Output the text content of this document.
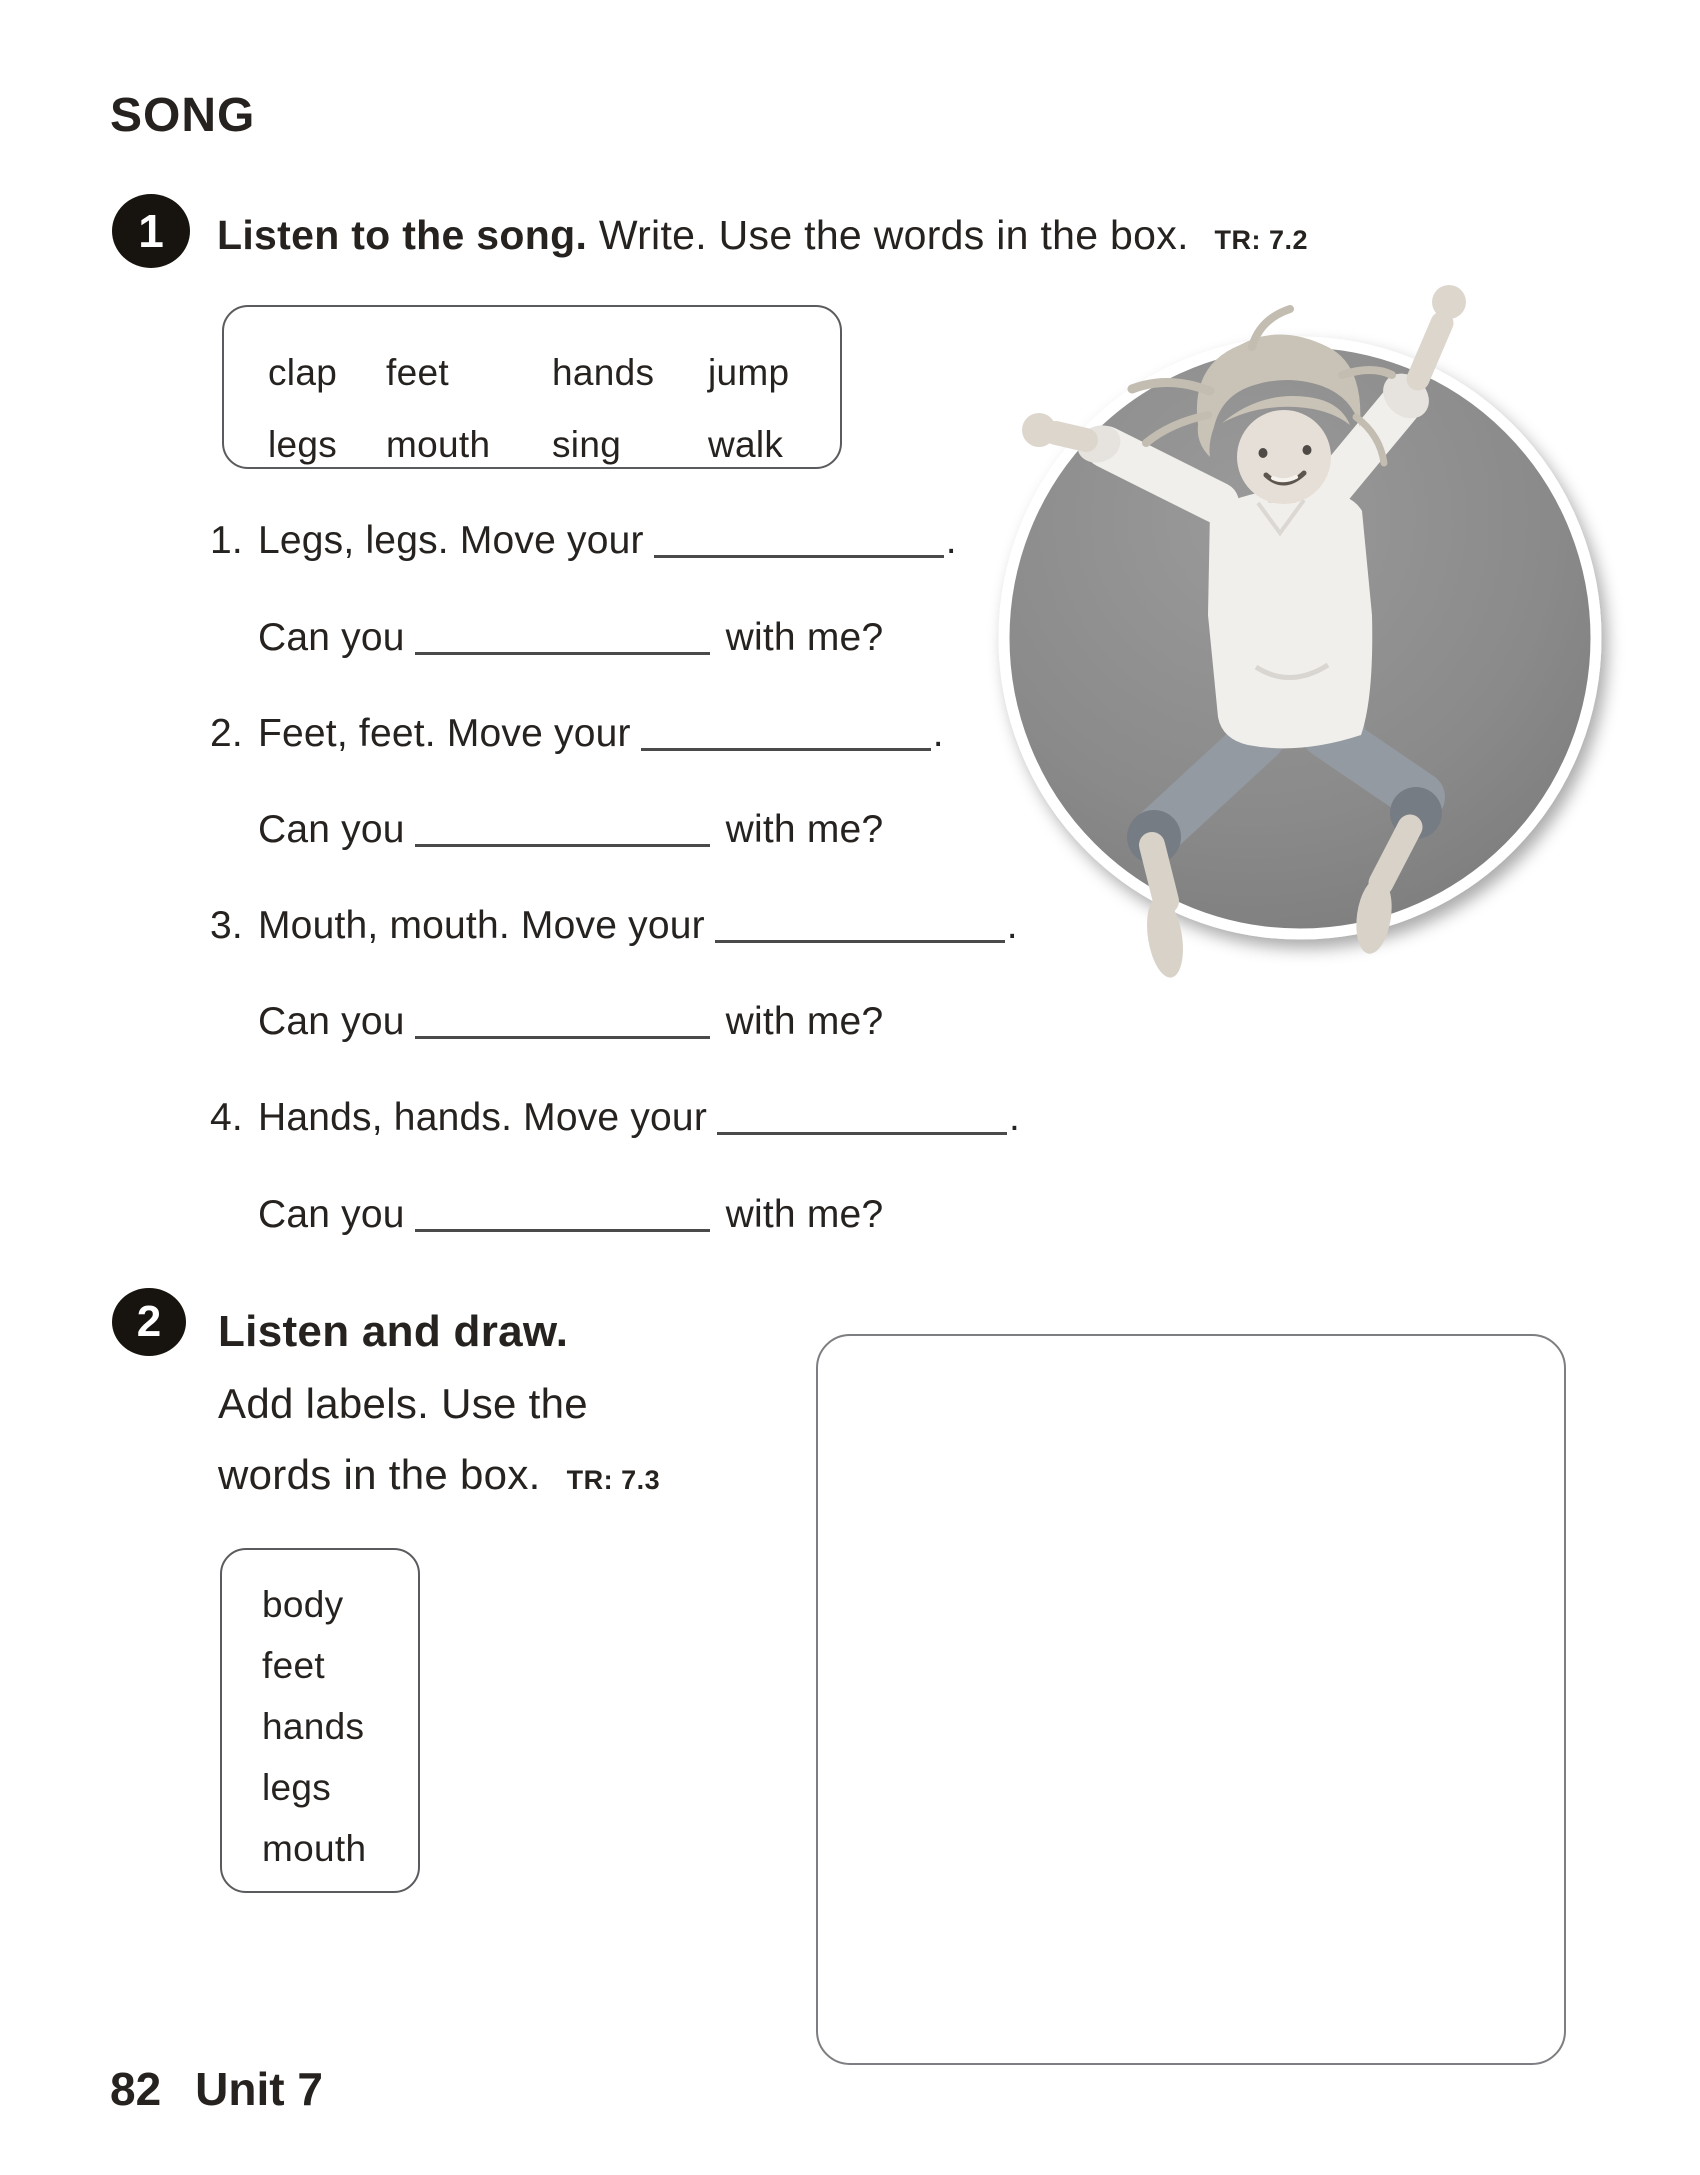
SONG
1 Listen to the song. Write. Use the words in the box. TR: 7.2
clap	feet	hands	jump
legs	mouth	sing	walk
1. Legs, legs. Move your	.
Can you	with me?
2. Feet, feet. Move your	.
Can you	with me?
3. Mouth, mouth. Move your	.
Can you	with me?
4. Hands, hands. Move your	.
Can you	with me?
2 Listen and draw.
Add labels. Use the
words in the box. TR: 7.3
body
feet
hands
legs
mouth
82 Unit 7
